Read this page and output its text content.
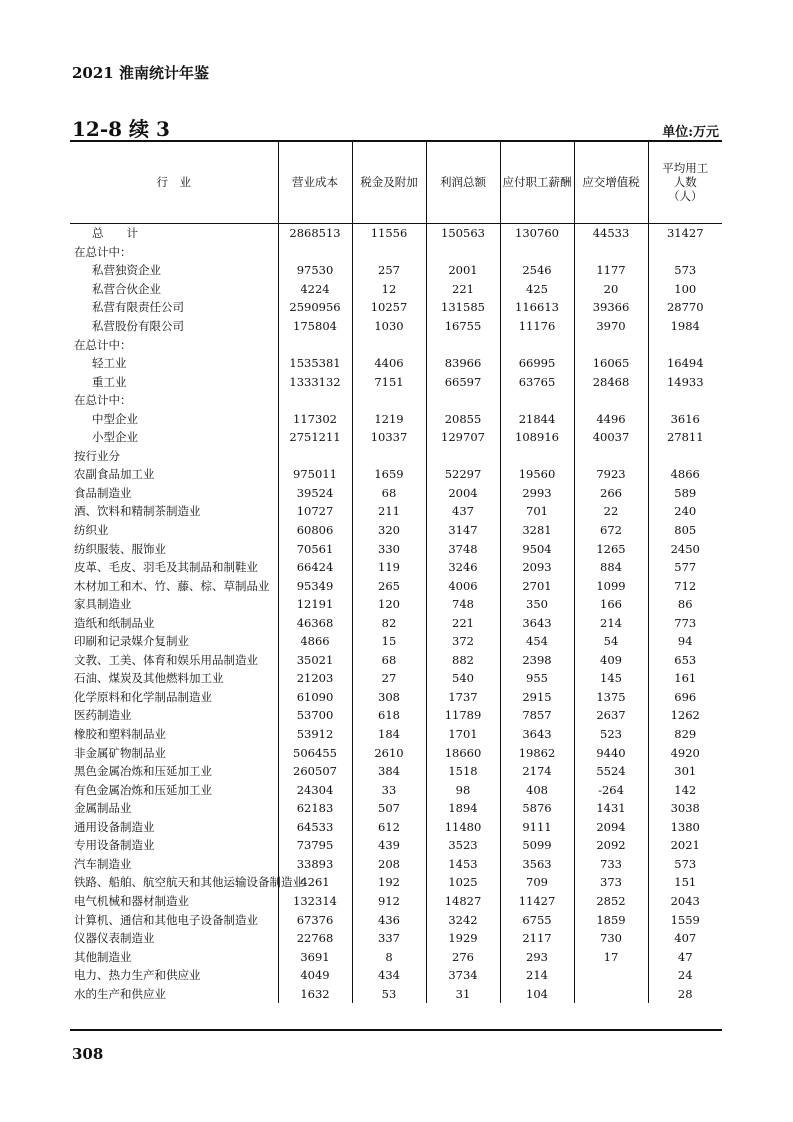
2021 淮南统计年鉴
12-8 续 3	单位:万元
行　业	营业成本	税金及附加	利润总额	应付职工薪酬	应交增值税	平均用工
人数
（人）
总　　计	2868513	11556	150563	130760	44533	31427
在总计中：						
私营独资企业	97530	257	2001	2546	1177	573
私营合伙企业	4224	12	221	425	20	100
私营有限责任公司	2590956	10257	131585	116613	39366	28770
私营股份有限公司	175804	1030	16755	11176	3970	1984
在总计中：						
轻工业	1535381	4406	83966	66995	16065	16494
重工业	1333132	7151	66597	63765	28468	14933
在总计中：						
中型企业	117302	1219	20855	21844	4496	3616
小型企业	2751211	10337	129707	108916	40037	27811
按行业分						
农副食品加工业	975011	1659	52297	19560	7923	4866
食品制造业	39524	68	2004	2993	266	589
酒、饮料和精制茶制造业	10727	211	437	701	22	240
纺织业	60806	320	3147	3281	672	805
纺织服装、服饰业	70561	330	3748	9504	1265	2450
皮革、毛皮、羽毛及其制品和制鞋业	66424	119	3246	2093	884	577
木材加工和木、竹、藤、棕、草制品业	95349	265	4006	2701	1099	712
家具制造业	12191	120	748	350	166	86
造纸和纸制品业	46368	82	221	3643	214	773
印刷和记录媒介复制业	4866	15	372	454	54	94
文教、工美、体育和娱乐用品制造业	35021	68	882	2398	409	653
石油、煤炭及其他燃料加工业	21203	27	540	955	145	161
化学原料和化学制品制造业	61090	308	1737	2915	1375	696
医药制造业	53700	618	11789	7857	2637	1262
橡胶和塑料制品业	53912	184	1701	3643	523	829
非金属矿物制品业	506455	2610	18660	19862	9440	4920
黑色金属冶炼和压延加工业	260507	384	1518	2174	5524	301
有色金属冶炼和压延加工业	24304	33	98	408	-264	142
金属制品业	62183	507	1894	5876	1431	3038
通用设备制造业	64533	612	11480	9111	2094	1380
专用设备制造业	73795	439	3523	5099	2092	2021
汽车制造业	33893	208	1453	3563	733	573
铁路、船舶、航空航天和其他运输设备制造业	4261	192	1025	709	373	151
电气机械和器材制造业	132314	912	14827	11427	2852	2043
计算机、通信和其他电子设备制造业	67376	436	3242	6755	1859	1559
仪器仪表制造业	22768	337	1929	2117	730	407
其他制造业	3691	8	276	293	17	47
电力、热力生产和供应业	4049	434	3734	214		24
水的生产和供应业	1632	53	31	104		28
308
